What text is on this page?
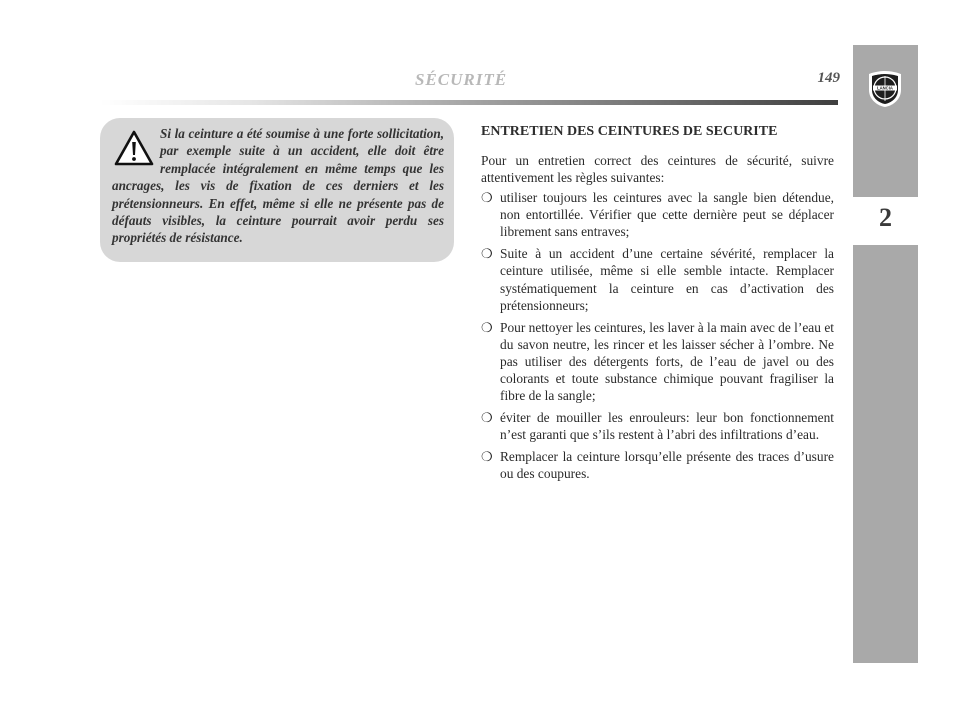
SÉCURITÉ	149
LANCIA
2

Si la ceinture a été soumise à une forte sollicitation, par exemple suite à un accident, elle doit être remplacée intégralement en même temps que les ancrages, les vis de fixation de ces derniers et les prétensionneurs. En effet, même si elle ne présente pas de défauts visibles, la ceinture pourrait avoir perdu ses propriétés de résistance.

ENTRETIEN DES CEINTURES DE SECURITE

Pour un entretien correct des ceintures de sécurité, suivre attentivement les règles suivantes:

❍ utiliser toujours les ceintures avec la sangle bien détendue, non entortillée. Vérifier que cette dernière peut se déplacer librement sans entraves;
❍ Suite à un accident d’une certaine sévérité, remplacer la ceinture utilisée, même si elle semble intacte. Remplacer systématiquement la ceinture en cas d’activation des prétensionneurs;
❍ Pour nettoyer les ceintures, les laver à la main avec de l’eau et du savon neutre, les rincer et les laisser sécher à l’ombre. Ne pas utiliser des détergents forts, de l’eau de javel ou des colorants et toute substance chimique pouvant fragiliser la fibre de la sangle;
❍ éviter de mouiller les enrouleurs: leur bon fonctionnement n’est garanti que s’ils restent à l’abri des infiltrations d’eau.
❍ Remplacer la ceinture lorsqu’elle présente des traces d’usure ou des coupures.
